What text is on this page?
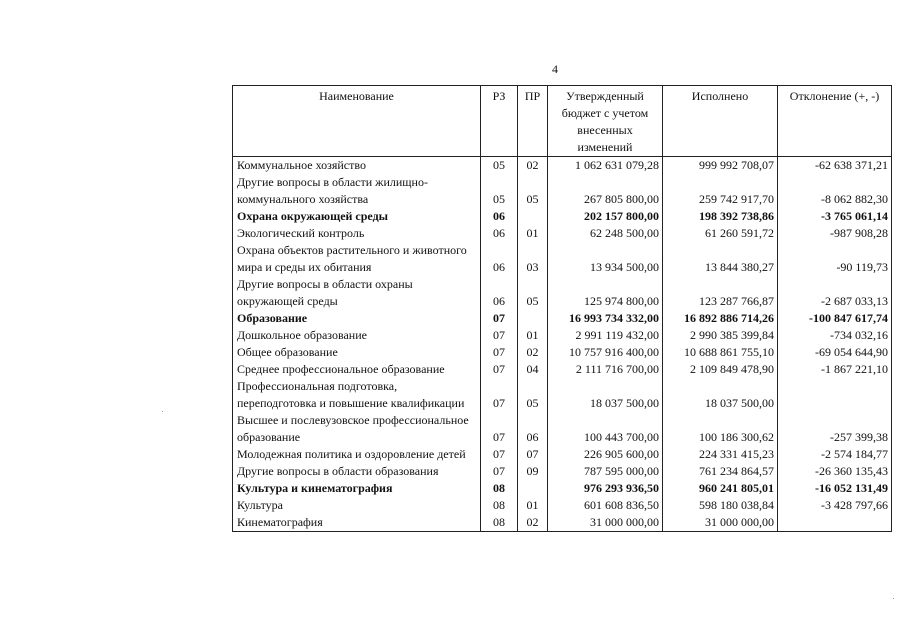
4
Наименование	РЗ	ПР	Утвержденный бюджет с учетом внесенных изменений	Исполнено	Отклонение (+, -)
Коммунальное хозяйство	05	02	1 062 631 079,28	999 992 708,07	-62 638 371,21
Другие вопросы в области жилищно-коммунального хозяйства	05	05	267 805 800,00	259 742 917,70	-8 062 882,30
Охрана окружающей среды	06		202 157 800,00	198 392 738,86	-3 765 061,14
Экологический контроль	06	01	62 248 500,00	61 260 591,72	-987 908,28
Охрана объектов растительного и животного мира и среды их обитания	06	03	13 934 500,00	13 844 380,27	-90 119,73
Другие вопросы в области охраны окружающей среды	06	05	125 974 800,00	123 287 766,87	-2 687 033,13
Образование	07		16 993 734 332,00	16 892 886 714,26	-100 847 617,74
Дошкольное образование	07	01	2 991 119 432,00	2 990 385 399,84	-734 032,16
Общее образование	07	02	10 757 916 400,00	10 688 861 755,10	-69 054 644,90
Среднее профессиональное образование	07	04	2 111 716 700,00	2 109 849 478,90	-1 867 221,10
Профессиональная подготовка, переподготовка и повышение квалификации	07	05	18 037 500,00	18 037 500,00	
Высшее и послевузовское профессиональное образование	07	06	100 443 700,00	100 186 300,62	-257 399,38
Молодежная политика и оздоровление детей	07	07	226 905 600,00	224 331 415,23	-2 574 184,77
Другие вопросы в области образования	07	09	787 595 000,00	761 234 864,57	-26 360 135,43
Культура и кинематография	08		976 293 936,50	960 241 805,01	-16 052 131,49
Культура	08	01	601 608 836,50	598 180 038,84	-3 428 797,66
Кинематография	08	02	31 000 000,00	31 000 000,00	
